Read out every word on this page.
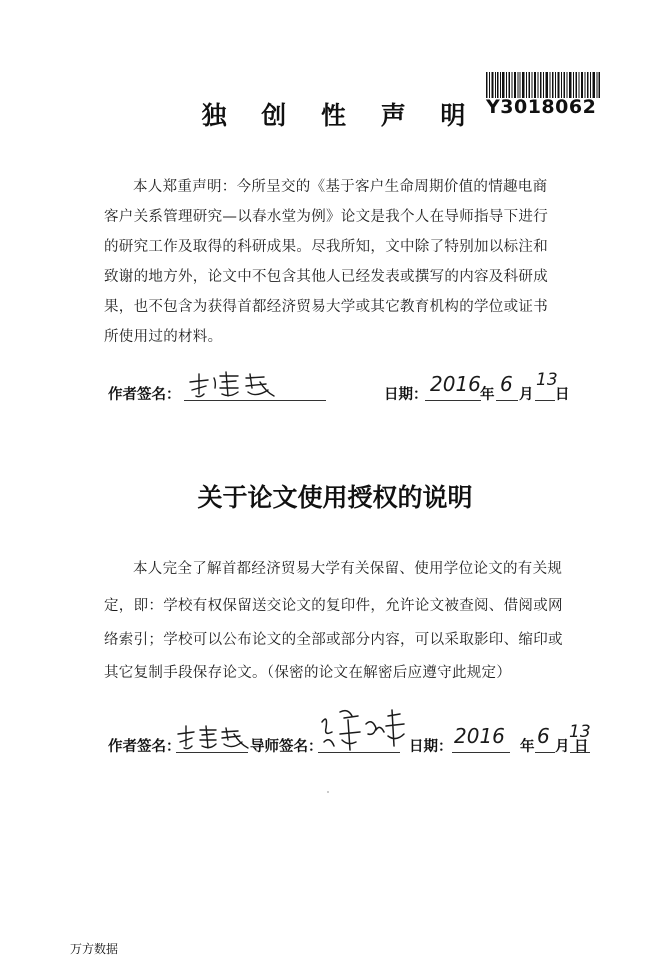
Y3018062
独 创 性 声 明
本人郑重声明：今所呈交的《基于客户生命周期价值的情趣电商
客户关系管理研究—以春水堂为例》论文是我个人在导师指导下进行
的研究工作及取得的科研成果。尽我所知，文中除了特别加以标注和
致谢的地方外，论文中不包含其他人已经发表或撰写的内容及科研成
果，也不包含为获得首都经济贸易大学或其它教育机构的学位或证书
所使用过的材料。
作者签名：	日期： 2016 年 6 月
13
日
关于论文使用授权的说明
本人完全了解首都经济贸易大学有关保留、使用学位论文的有关规
定，即：学校有权保留送交论文的复印件，允许论文被查阅、借阅或网
络索引；学校可以公布论文的全部或部分内容，可以采取影印、缩印或
其它复制手段保存论文。（保密的论文在解密后应遵守此规定）
作者签名：	导师签名：	日期： 2016 年 6 月
13
日
万方数据
